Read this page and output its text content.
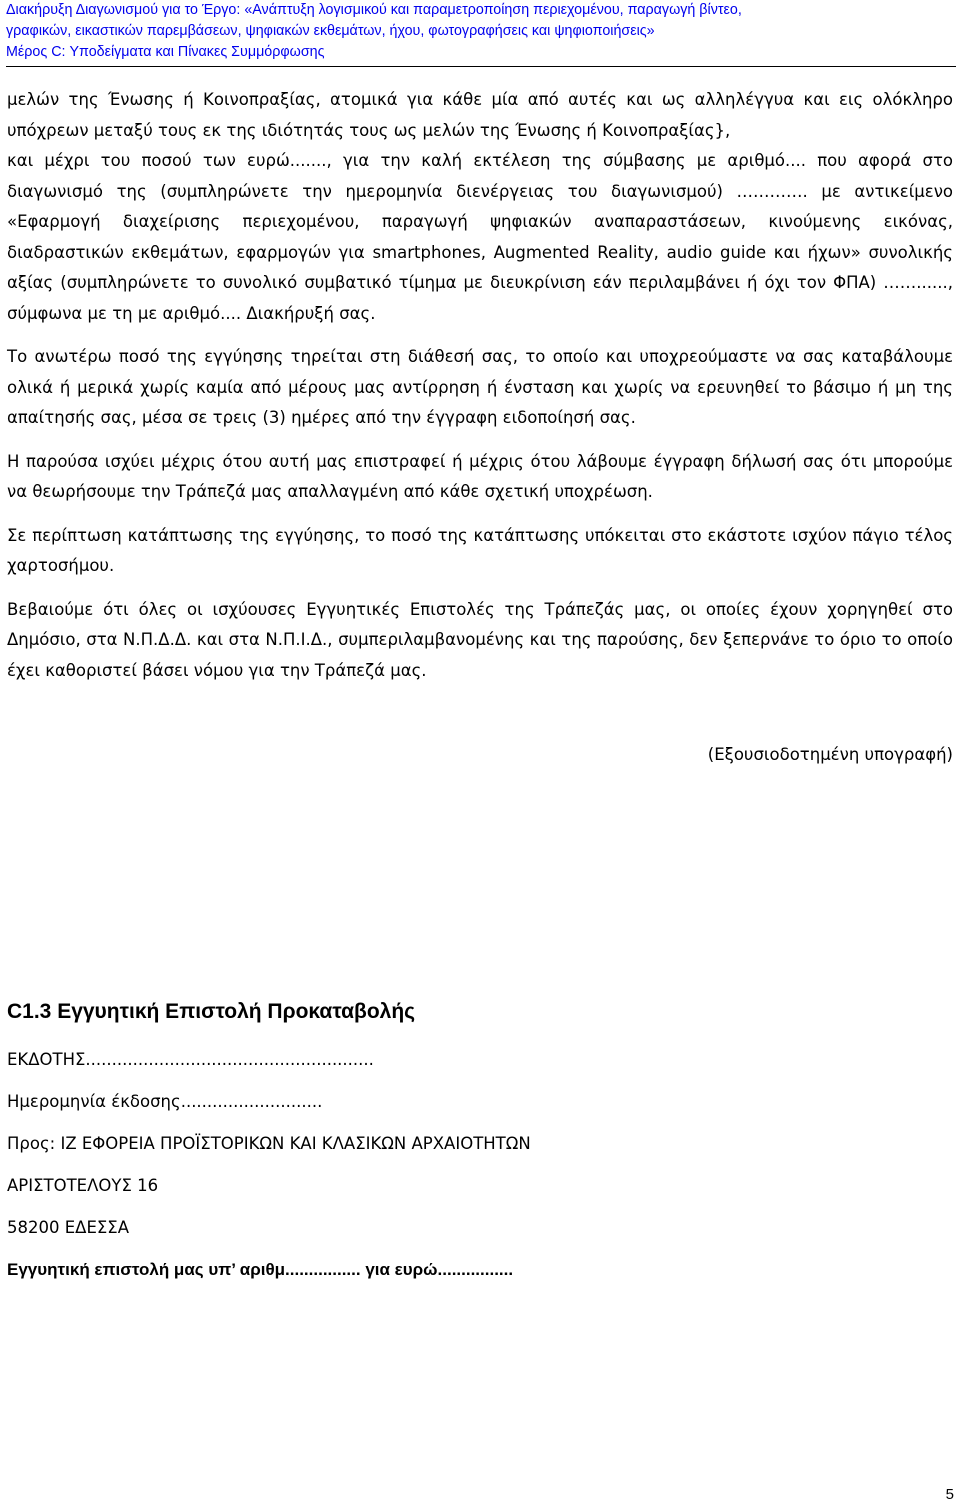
Διακήρυξη Διαγωνισμού για το Έργο: «Ανάπτυξη λογισμικού και παραμετροποίηση περιεχομένου, παραγωγή βίντεο,
γραφικών, εικαστικών παρεμβάσεων, ψηφιακών εκθεμάτων, ήχου, φωτογραφήσεις και ψηφιοποιήσεις»
Μέρος C: Υποδείγματα και Πίνακες Συμμόρφωσης

μελών της Ένωσης ή Κοινοπραξίας, ατομικά για κάθε μία από αυτές και ως αλληλέγγυα και εις ολόκληρο υπόχρεων μεταξύ τους εκ της ιδιότητάς τους ως μελών της Ένωσης ή Κοινοπραξίας},

και μέχρι του ποσού των ευρώ......., για την καλή εκτέλεση της σύμβασης με αριθμό.... που αφορά στο διαγωνισμό της (συμπληρώνετε την ημερομηνία διενέργειας του διαγωνισμού) …………. με αντικείμενο «Εφαρμογή διαχείρισης περιεχομένου, παραγωγή ψηφιακών αναπαραστάσεων, κινούμενης εικόνας, διαδραστικών εκθεμάτων, εφαρμογών για smartphones, Augmented Reality, audio guide και ήχων» συνολικής αξίας (συμπληρώνετε το συνολικό συμβατικό τίμημα με διευκρίνιση εάν περιλαμβάνει ή όχι τον ΦΠΑ) ……......, σύμφωνα με τη με αριθμό.... Διακήρυξή σας.

Το ανωτέρω ποσό της εγγύησης τηρείται στη διάθεσή σας, το οποίο και υποχρεούμαστε να σας καταβάλουμε ολικά ή μερικά χωρίς καμία από μέρους μας αντίρρηση ή ένσταση και χωρίς να ερευνηθεί το βάσιμο ή μη της απαίτησής σας, μέσα σε τρεις (3) ημέρες από την έγγραφη ειδοποίησή σας.

Η παρούσα ισχύει μέχρις ότου αυτή μας επιστραφεί ή μέχρις ότου λάβουμε έγγραφη δήλωσή σας ότι μπορούμε να θεωρήσουμε την Τράπεζά μας απαλλαγμένη από κάθε σχετική υποχρέωση.

Σε περίπτωση κατάπτωσης της εγγύησης, το ποσό της κατάπτωσης υπόκειται στο εκάστοτε ισχύον πάγιο τέλος χαρτοσήμου.

Βεβαιούμε ότι όλες οι ισχύουσες Εγγυητικές Επιστολές της Τράπεζάς μας, οι οποίες έχουν χορηγηθεί στο Δημόσιο, στα Ν.Π.Δ.Δ. και στα Ν.Π.Ι.Δ., συμπεριλαμβανομένης και της παρούσης, δεν ξεπερνάνε το όριο το οποίο έχει καθοριστεί βάσει νόμου για την Τράπεζά μας.

(Εξουσιοδοτημένη υπογραφή)

C1.3 Εγγυητική Επιστολή Προκαταβολής
ΕΚΔΟΤΗΣ.......................................................
Ημερομηνία έκδοσης...........................
Προς: ΙΖ ΕΦΟΡΕΙΑ ΠΡΟΪΣΤΟΡΙΚΩΝ ΚΑΙ ΚΛΑΣΙΚΩΝ ΑΡΧΑΙΟΤΗΤΩΝ
ΑΡΙΣΤΟΤΕΛΟΥΣ 16
58200 ΕΔΕΣΣΑ
Εγγυητική επιστολή μας υπ’ αριθμ................ για ευρώ................
5
